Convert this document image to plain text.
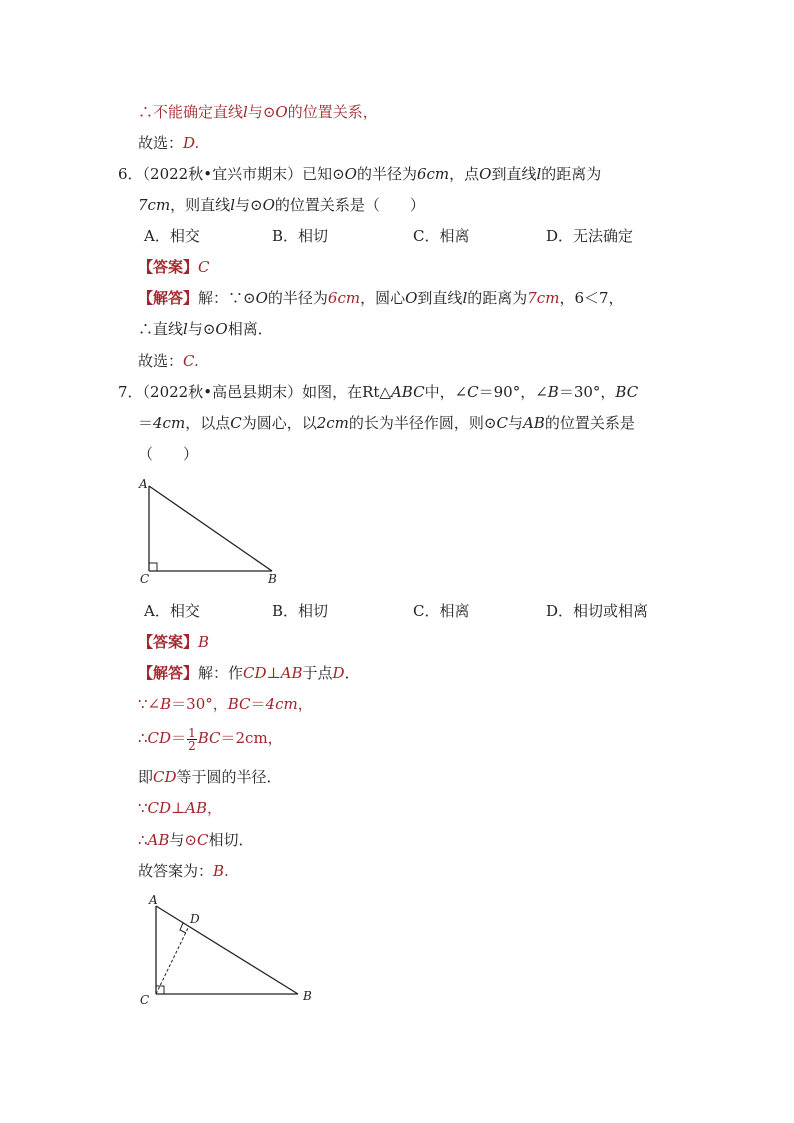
∴不能确定直线l与⊙O的位置关系，
故选：D.
6．（2022秋•宜兴市期末）已知⊙O的半径为6cm，点O到直线l的距离为
7cm，则直线l与⊙O的位置关系是（　　）
A．相交	B．相切	C．相离	D．无法确定
【答案】C
【解答】解：∵⊙O的半径为6cm，圆心O到直线l的距离为7cm，6＜7，
∴直线l与⊙O相离．
故选：C.
7．（2022秋•高邑县期末）如图，在Rt△ABC中，∠C＝90°，∠B＝30°，BC
＝4cm，以点C为圆心，以2cm的长为半径作圆，则⊙C与AB的位置关系是
（　　）
A
C	B
A．相交	B．相切	C．相离	D．相切或相离
【答案】B
【解答】解：作CD⊥AB于点D．
∵∠B＝30°，BC＝4cm，
∴CD＝ $\frac{1}{2} BC=2cm$，
即CD等于圆的半径．
∵CD⊥AB，
∴AB与⊙C相切．
故答案为：B.
A
D
C	B
